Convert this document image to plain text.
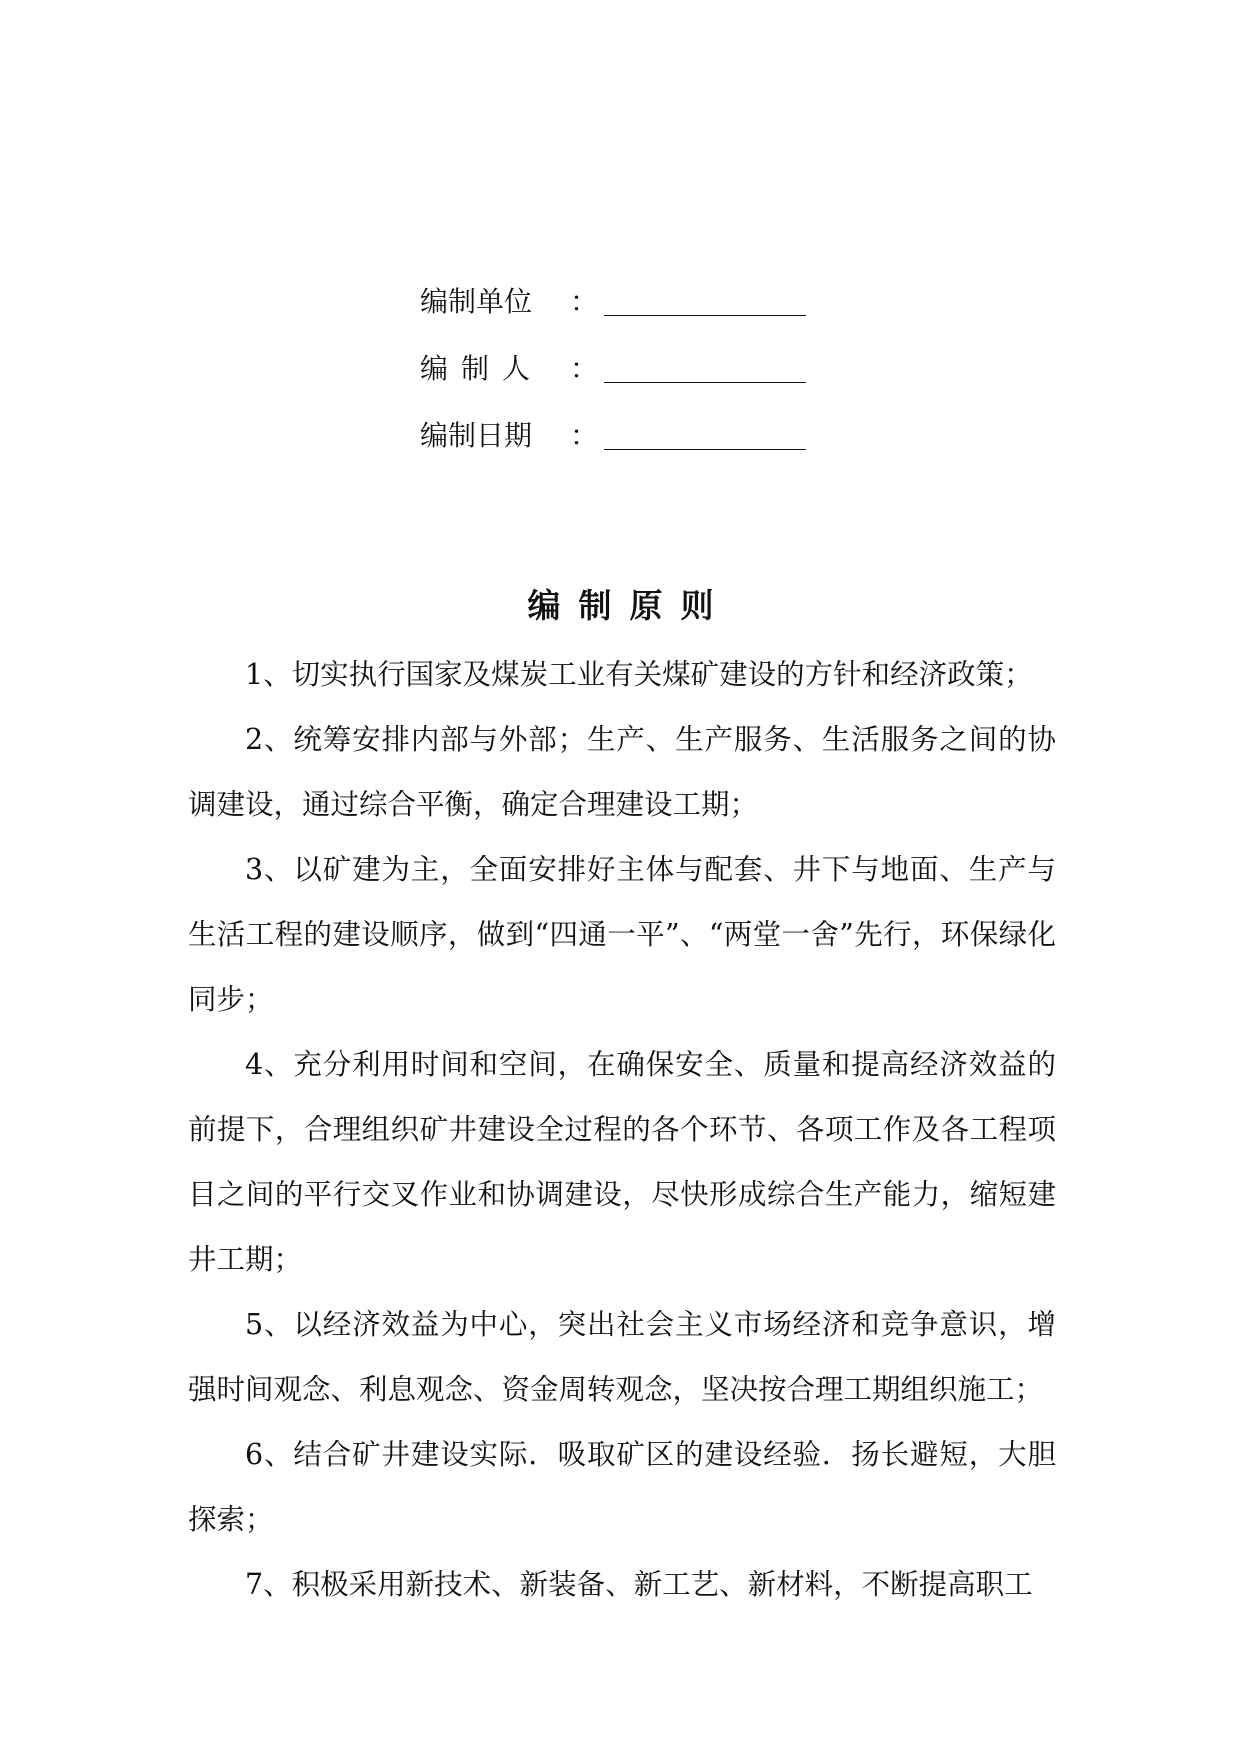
编制单位	：
编制人 ：
编制日期	：
编制原则

1、切实执行国家及煤炭工业有关煤矿建设的方针和经济政策；

2、统筹安排内部与外部；生产、生产服务、生活服务之间的协调建设，通过综合平衡，确定合理建设工期；

3、以矿建为主，全面安排好主体与配套、井下与地面、生产与生活工程的建设顺序，做到“四通一平”、“两堂一舍”先行，环保绿化同步；

4、充分利用时间和空间，在确保安全、质量和提高经济效益的前提下，合理组织矿井建设全过程的各个环节、各项工作及各工程项目之间的平行交叉作业和协调建设，尽快形成综合生产能力，缩短建井工期；

5、以经济效益为中心，突出社会主义市场经济和竞争意识，增强时间观念、利息观念、资金周转观念，坚决按合理工期组织施工；

6、结合矿井建设实际．吸取矿区的建设经验．扬长避短，大胆探索；

7、积极采用新技术、新装备、新工艺、新材料，不断提高职工
